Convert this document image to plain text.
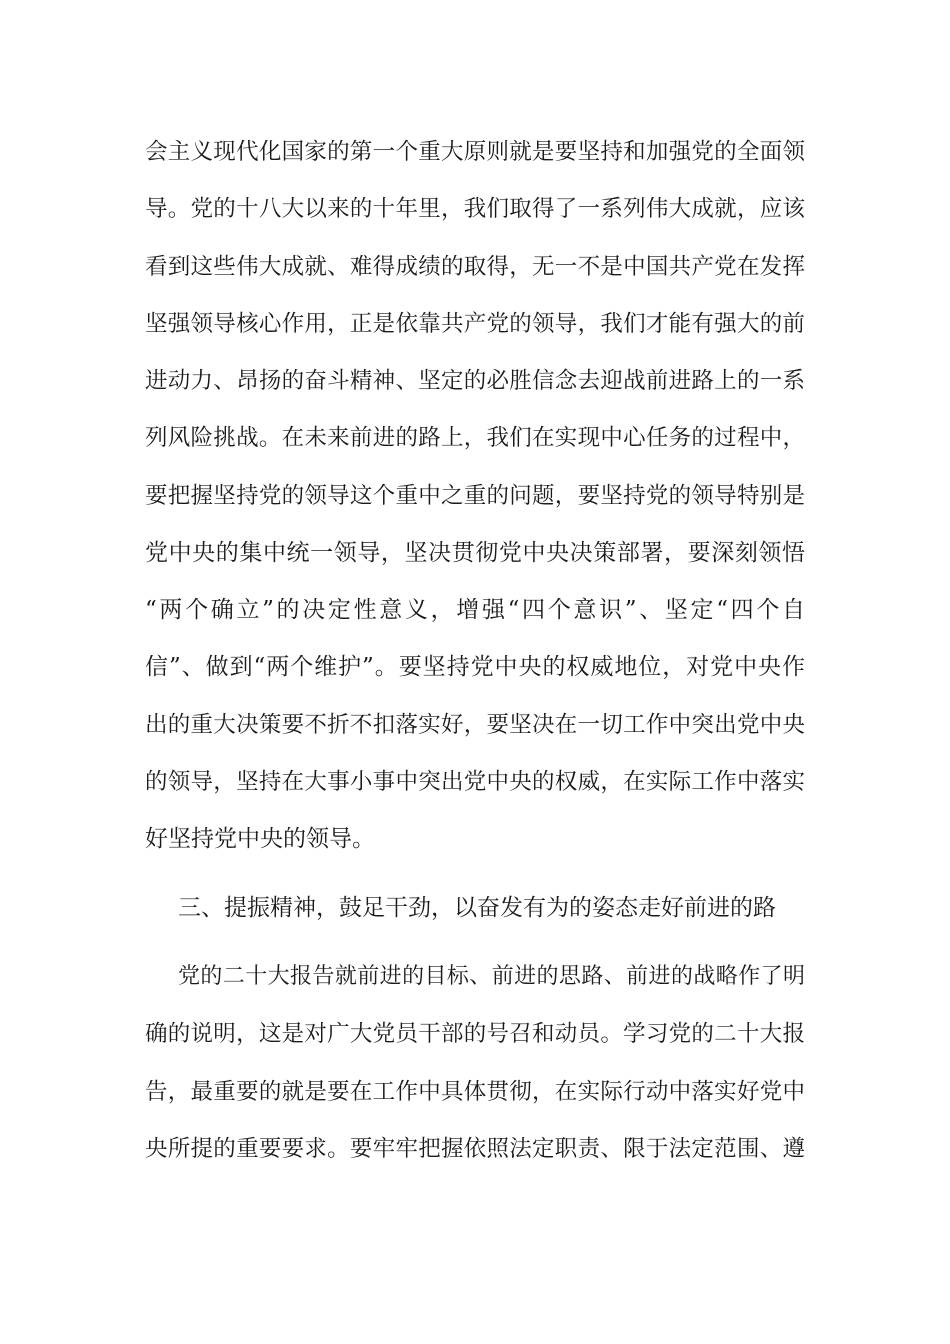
会主义现代化国家的第一个重大原则就是要坚持和加强党的全面领
导。党的十八大以来的十年里，我们取得了一系列伟大成就，应该
看到这些伟大成就、难得成绩的取得，无一不是中国共产党在发挥
坚强领导核心作用，正是依靠共产党的领导，我们才能有强大的前
进动力、昂扬的奋斗精神、坚定的必胜信念去迎战前进路上的一系
列风险挑战。在未来前进的路上，我们在实现中心任务的过程中，
要把握坚持党的领导这个重中之重的问题，要坚持党的领导特别是
党中央的集中统一领导，坚决贯彻党中央决策部署，要深刻领悟
“两个确立”的决定性意义，增强“四个意识”、坚定“四个自
信”、做到“两个维护”。要坚持党中央的权威地位，对党中央作
出的重大决策要不折不扣落实好，要坚决在一切工作中突出党中央
的领导，坚持在大事小事中突出党中央的权威，在实际工作中落实
好坚持党中央的领导。
三、提振精神，鼓足干劲，以奋发有为的姿态走好前进的路
党的二十大报告就前进的目标、前进的思路、前进的战略作了明
确的说明，这是对广大党员干部的号召和动员。学习党的二十大报
告，最重要的就是要在工作中具体贯彻，在实际行动中落实好党中
央所提的重要要求。要牢牢把握依照法定职责、限于法定范围、遵
